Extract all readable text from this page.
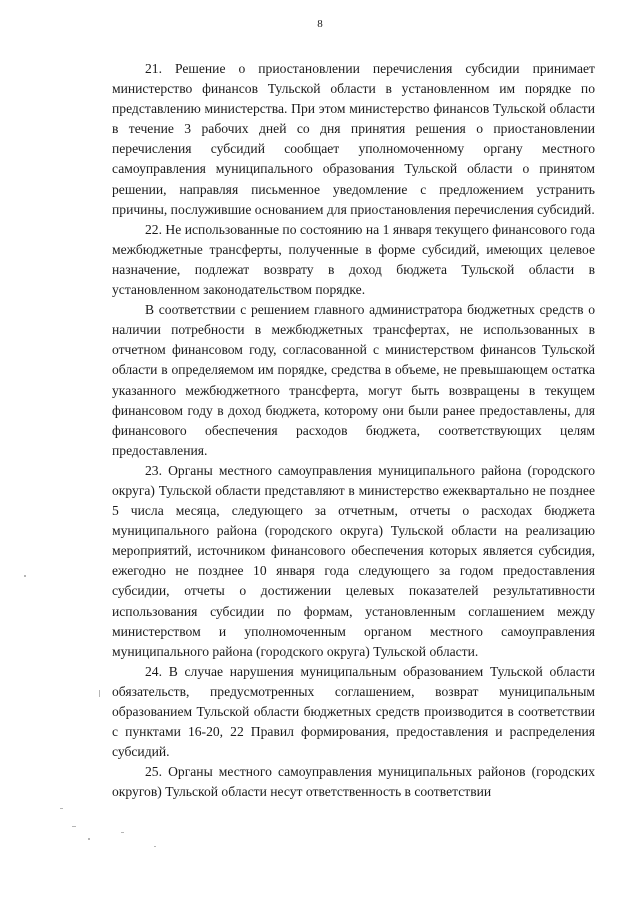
8

21. Решение о приостановлении перечисления субсидии принимает министерство финансов Тульской области в установленном им порядке по представлению министерства. При этом министерство финансов Тульской области в течение 3 рабочих дней со дня принятия решения о приостановлении перечисления субсидий сообщает уполномоченному органу местного самоуправления муниципального образования Тульской области о принятом решении, направляя письменное уведомление с предложением устранить причины, послужившие основанием для приостановления перечисления субсидий.

22. Не использованные по состоянию на 1 января текущего финансового года межбюджетные трансферты, полученные в форме субсидий, имеющих целевое назначение, подлежат возврату в доход бюджета Тульской области в установленном законодательством порядке.

В соответствии с решением главного администратора бюджетных средств о наличии потребности в межбюджетных трансфертах, не использованных в отчетном финансовом году, согласованной с министерством финансов Тульской области в определяемом им порядке, средства в объеме, не превышающем остатка указанного межбюджетного трансферта, могут быть возвращены в текущем финансовом году в доход бюджета, которому они были ранее предоставлены, для финансового обеспечения расходов бюджета, соответствующих целям предоставления.

23. Органы местного самоуправления муниципального района (городского округа) Тульской области представляют в министерство ежеквартально не позднее 5 числа месяца, следующего за отчетным, отчеты о расходах бюджета муниципального района (городского округа) Тульской области на реализацию мероприятий, источником финансового обеспечения которых является субсидия, ежегодно не позднее 10 января года следующего за годом предоставления субсидии, отчеты о достижении целевых показателей результативности использования субсидии по формам, установленным соглашением между министерством и уполномоченным органом местного самоуправления муниципального района (городского округа) Тульской области.

24. В случае нарушения муниципальным образованием Тульской области обязательств, предусмотренных соглашением, возврат муниципальным образованием Тульской области бюджетных средств производится в соответствии с пунктами 16-20, 22 Правил формирования, предоставления и распределения субсидий.

25. Органы местного самоуправления муниципальных районов (городских округов) Тульской области несут ответственность в соответствии
